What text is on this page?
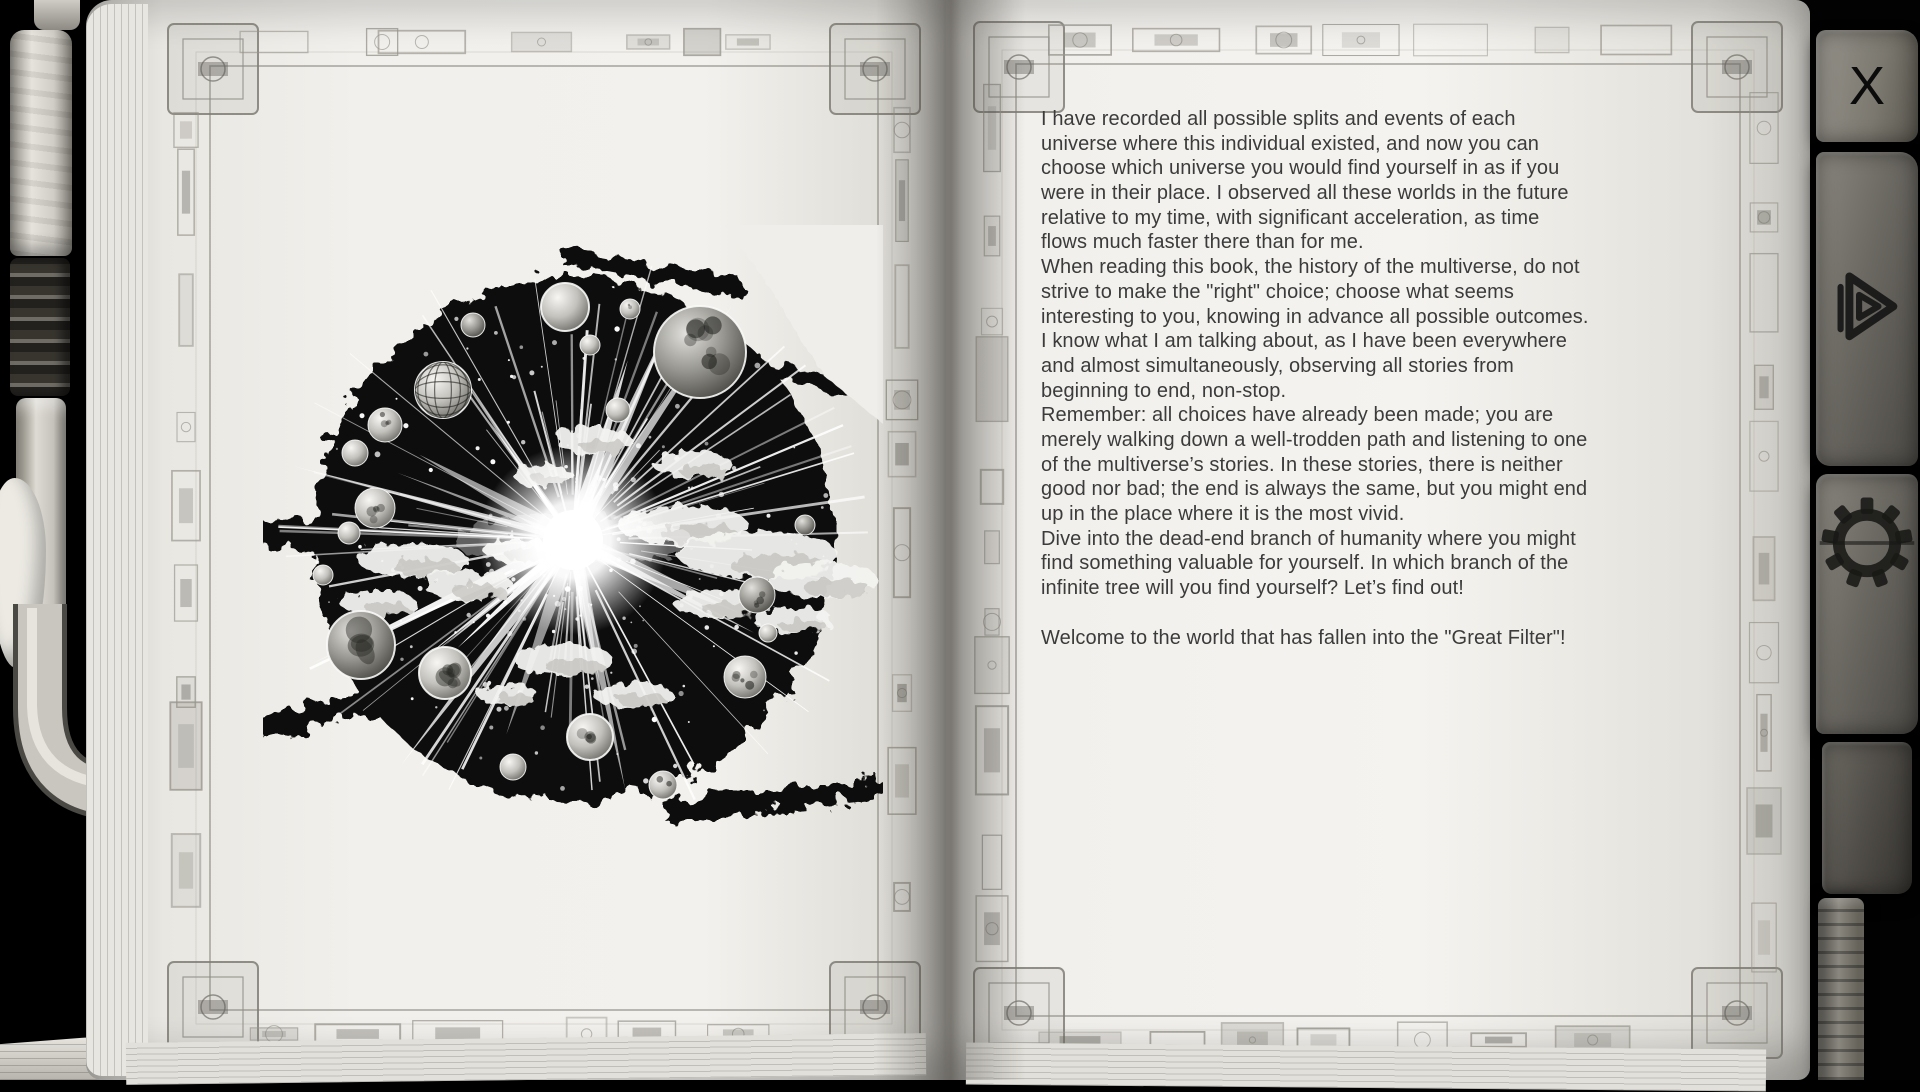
I have recorded all possible splits and events of each universe where this individual existed, and now you can choose which universe you would find yourself in as if you were in their place. I observed all these worlds in the future relative to my time, with significant acceleration, as time flows much faster there than for me.

When reading this book, the history of the multiverse, do not strive to make the "right" choice; choose what seems interesting to you, knowing in advance all possible outcomes. I know what I am talking about, as I have been everywhere and almost simultaneously, observing all stories from beginning to end, non-stop.

Remember: all choices have already been made; you are merely walking down a well-trodden path and listening to one of the multiverse’s stories. In these stories, there is neither good nor bad; the end is always the same, but you might end up in the place where it is the most vivid.

Dive into the dead-end branch of humanity where you might find something valuable for yourself. In which branch of the infinite tree will you find yourself? Let’s find out!

Welcome to the world that has fallen into the "Great Filter"!

X
